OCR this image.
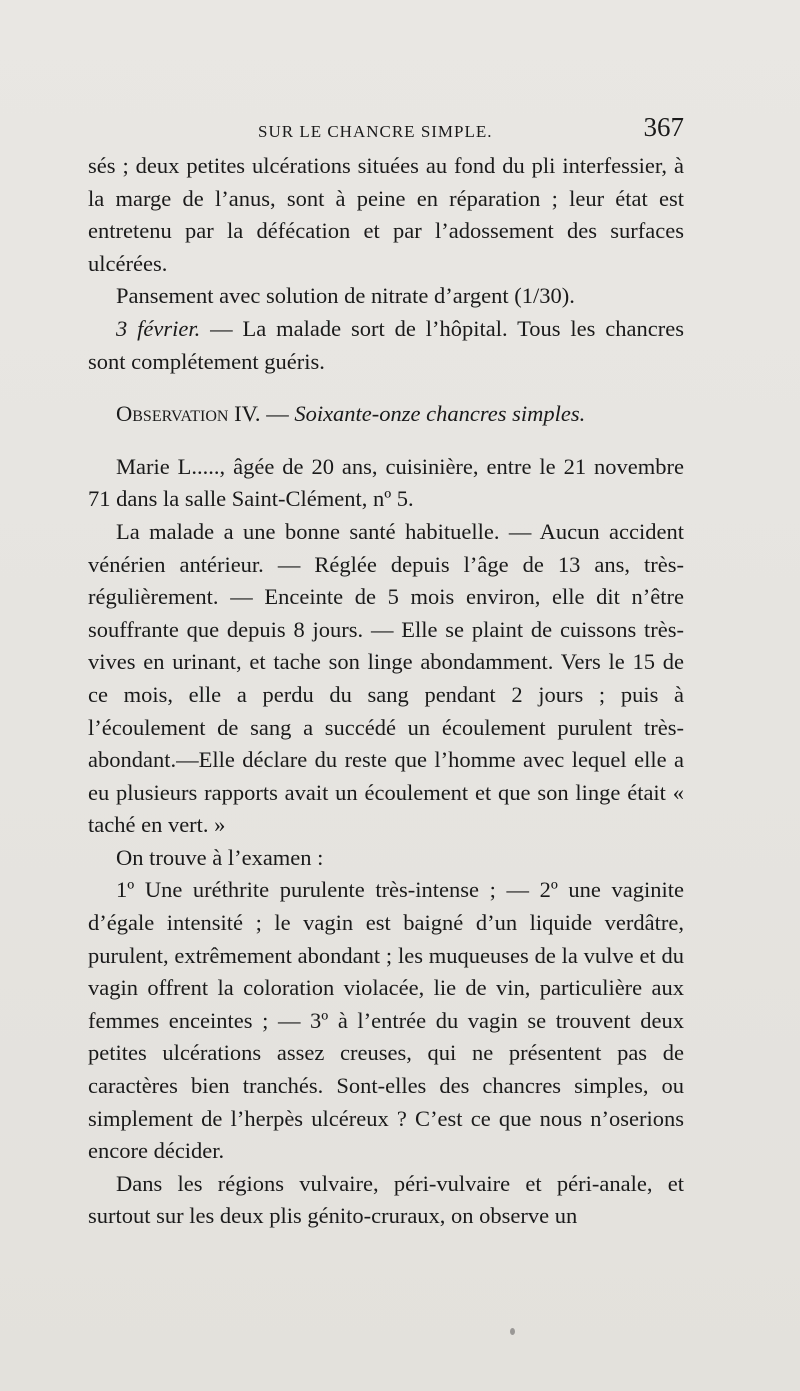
SUR LE CHANCRE SIMPLE.	367

sés ; deux petites ulcérations situées au fond du pli interfessier, à la marge de l’anus, sont à peine en réparation ; leur état est entretenu par la défécation et par l’adossement des surfaces ulcérées.

Pansement avec solution de nitrate d’argent (1/30).

3 février. — La malade sort de l’hôpital. Tous les chancres sont complétement guéris.

Observation IV. — Soixante-onze chancres simples.

Marie L....., âgée de 20 ans, cuisinière, entre le 21 novembre 71 dans la salle Saint-Clément, nº 5.

La malade a une bonne santé habituelle. — Aucun accident vénérien antérieur. — Réglée depuis l’âge de 13 ans, très-régulièrement. — Enceinte de 5 mois environ, elle dit n’être souffrante que depuis 8 jours. — Elle se plaint de cuissons très-vives en urinant, et tache son linge abondamment. Vers le 15 de ce mois, elle a perdu du sang pendant 2 jours ; puis à l’écoulement de sang a succédé un écoulement purulent très-abondant.—Elle déclare du reste que l’homme avec lequel elle a eu plusieurs rapports avait un écoulement et que son linge était « taché en vert. »

On trouve à l’examen :

1º Une uréthrite purulente très-intense ; — 2º une vaginite d’égale intensité ; le vagin est baigné d’un liquide verdâtre, purulent, extrêmement abondant ; les muqueuses de la vulve et du vagin offrent la coloration violacée, lie de vin, particulière aux femmes enceintes ; — 3º à l’entrée du vagin se trouvent deux petites ulcérations assez creuses, qui ne présentent pas de caractères bien tranchés. Sont-elles des chancres simples, ou simplement de l’herpès ulcéreux ? C’est ce que nous n’oserions encore décider.

Dans les régions vulvaire, péri-vulvaire et péri-anale, et surtout sur les deux plis génito-cruraux, on observe un
